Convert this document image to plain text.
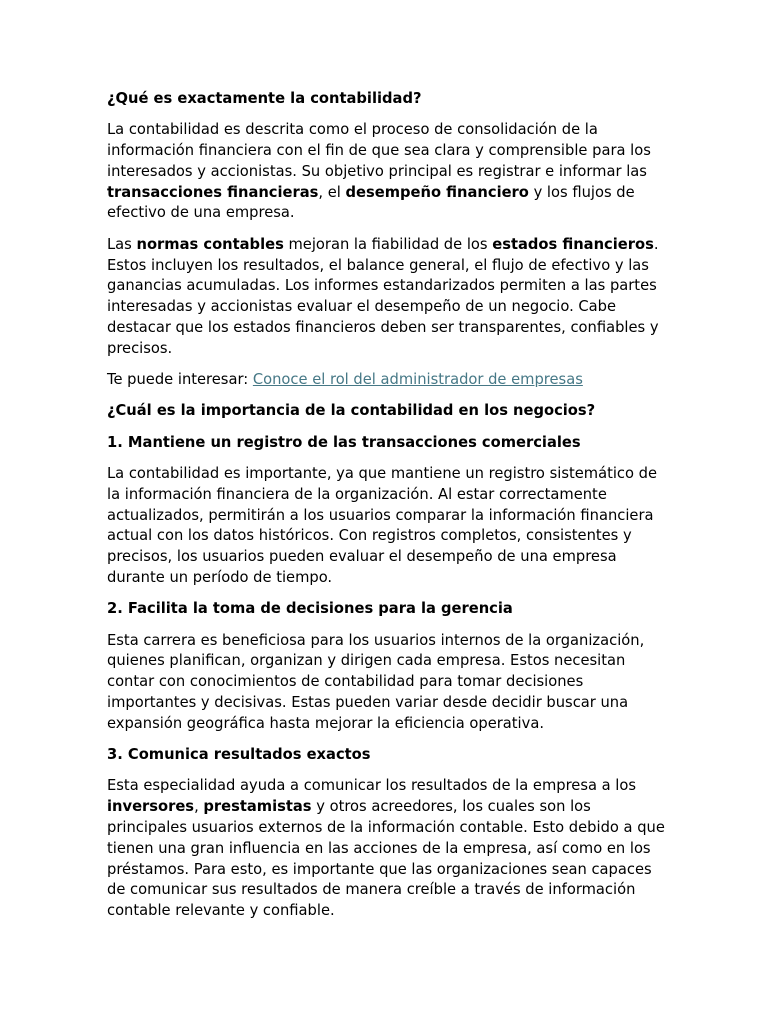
¿Qué es exactamente la contabilidad?

La contabilidad es descrita como el proceso de consolidación de la información financiera con el fin de que sea clara y comprensible para los interesados y accionistas. Su objetivo principal es registrar e informar las transacciones financieras, el desempeño financiero y los flujos de efectivo de una empresa.

Las normas contables mejoran la fiabilidad de los estados financieros. Estos incluyen los resultados, el balance general, el flujo de efectivo y las ganancias acumuladas. Los informes estandarizados permiten a las partes interesadas y accionistas evaluar el desempeño de un negocio. Cabe destacar que los estados financieros deben ser transparentes, confiables y precisos.

Te puede interesar: Conoce el rol del administrador de empresas

¿Cuál es la importancia de la contabilidad en los negocios?
1. Mantiene un registro de las transacciones comerciales

La contabilidad es importante, ya que mantiene un registro sistemático de la información financiera de la organización. Al estar correctamente actualizados, permitirán a los usuarios comparar la información financiera actual con los datos históricos. Con registros completos, consistentes y precisos, los usuarios pueden evaluar el desempeño de una empresa durante un período de tiempo.

2. Facilita la toma de decisiones para la gerencia

Esta carrera es beneficiosa para los usuarios internos de la organización, quienes planifican, organizan y dirigen cada empresa. Estos necesitan contar con conocimientos de contabilidad para tomar decisiones importantes y decisivas. Estas pueden variar desde decidir buscar una expansión geográfica hasta mejorar la eficiencia operativa.

3. Comunica resultados exactos

Esta especialidad ayuda a comunicar los resultados de la empresa a los inversores, prestamistas y otros acreedores, los cuales son los principales usuarios externos de la información contable. Esto debido a que tienen una gran influencia en las acciones de la empresa, así como en los préstamos. Para esto, es importante que las organizaciones sean capaces de comunicar sus resultados de manera creíble a través de información contable relevante y confiable.
